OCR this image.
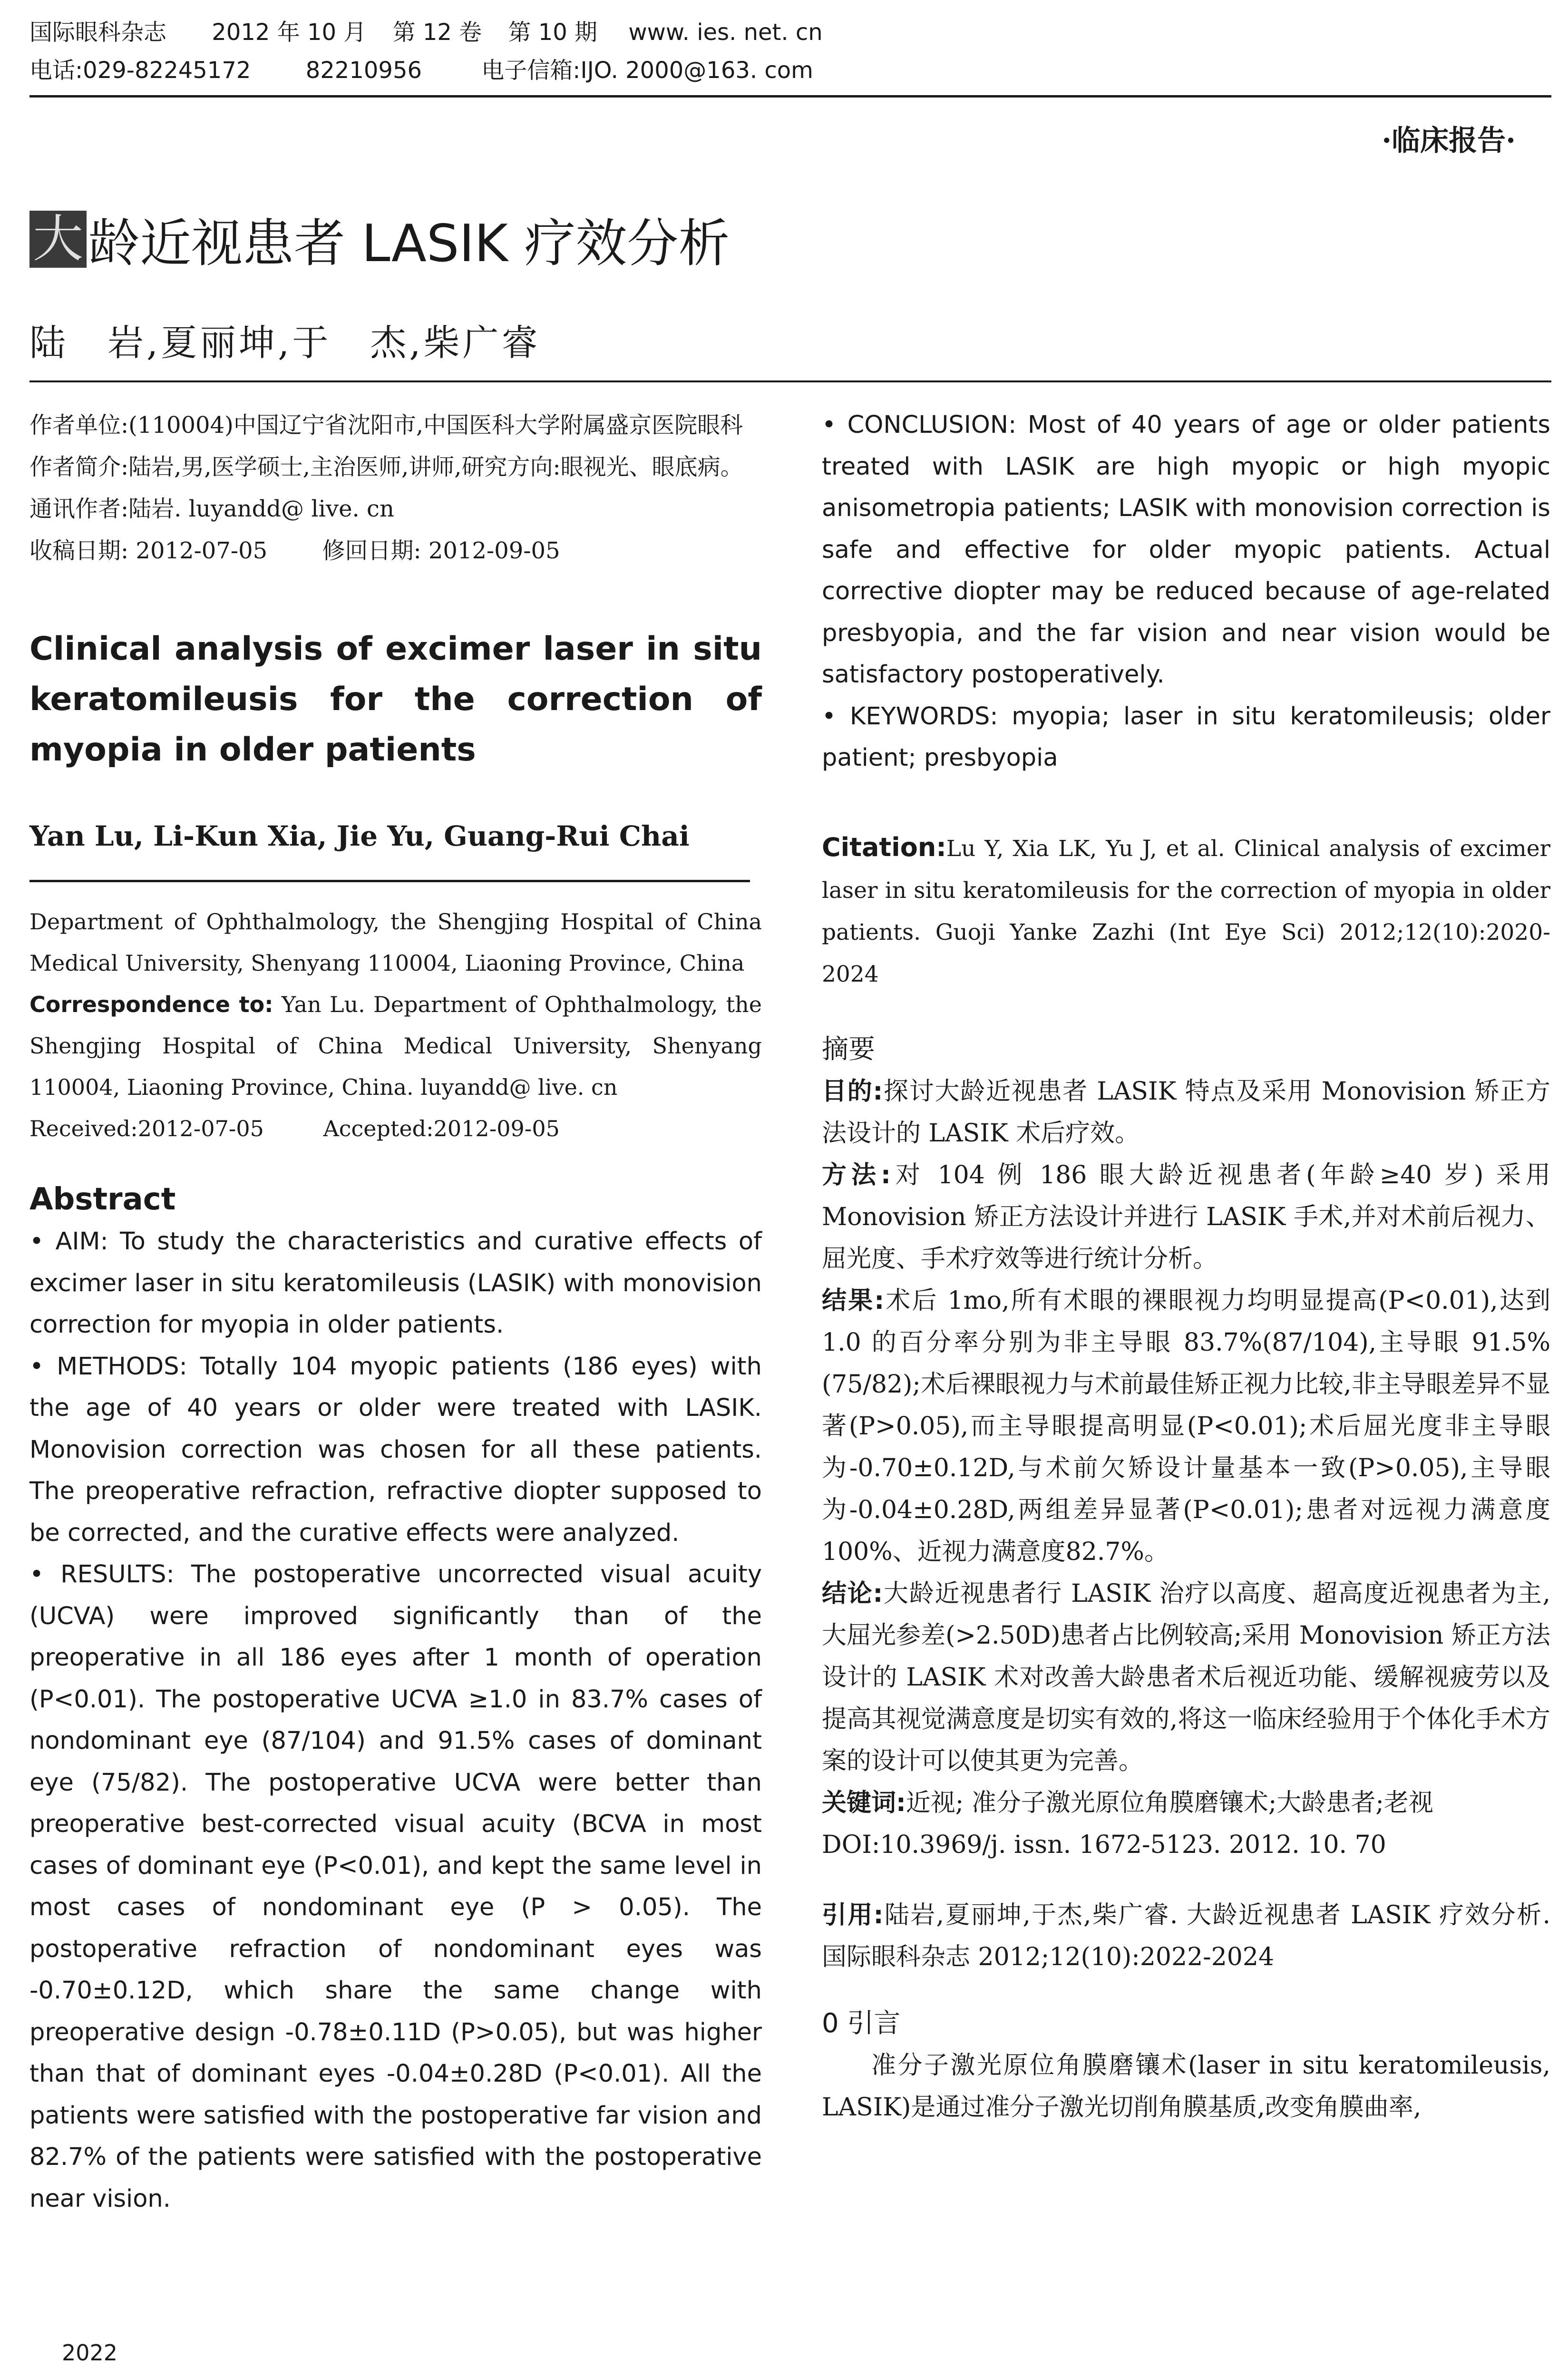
国际眼科杂志 2012 年 10 月 第 12 卷 第 10 期 www. ies. net. cn
电话:029-82245172 82210956	电子信箱:IJO. 2000@163. com
·临床报告·
大 龄近视患者 LASIK 疗效分析
陆　岩,夏丽坤,于　杰,柴广睿

作者单位:(110004)中国辽宁省沈阳市,中国医科大学附属盛京医院眼科

作者简介:陆岩,男,医学硕士,主治医师,讲师,研究方向:眼视光、眼底病。

通讯作者:陆岩. luyandd@ live. cn

收稿日期: 2012-07-05 修回日期: 2012-09-05

Clinical analysis of excimer laser in situ keratomileusis for the correction of myopia in older patients
Yan Lu, Li-Kun Xia, Jie Yu, Guang-Rui Chai

Department of Ophthalmology, the Shengjing Hospital of China Medical University, Shenyang 110004, Liaoning Province, China

Correspondence to: Yan Lu. Department of Ophthalmology, the Shengjing Hospital of China Medical University, Shenyang 110004, Liaoning Province, China. luyandd@ live. cn

Received:2012-07-05	Accepted:2012-09-05

Abstract

• AIM: To study the characteristics and curative effects of excimer laser in situ keratomileusis (LASIK) with monovision correction for myopia in older patients.

• METHODS: Totally 104 myopic patients (186 eyes) with the age of 40 years or older were treated with LASIK. Monovision correction was chosen for all these patients. The preoperative refraction, refractive diopter supposed to be corrected, and the curative effects were analyzed.

• RESULTS: The postoperative uncorrected visual acuity (UCVA) were improved significantly than of the preoperative in all 186 eyes after 1 month of operation (P<0.01). The postoperative UCVA ≥1.0 in 83.7% cases of nondominant eye (87/104) and 91.5% cases of dominant eye (75/82). The postoperative UCVA were better than preoperative best-corrected visual acuity (BCVA in most cases of dominant eye (P<0.01), and kept the same level in most cases of nondominant eye (P > 0.05). The postoperative refraction of nondominant eyes was -0.70±0.12D, which share the same change with preoperative design -0.78±0.11D (P>0.05), but was higher than that of dominant eyes -0.04±0.28D (P<0.01). All the patients were satisfied with the postoperative far vision and 82.7% of the patients were satisfied with the postoperative near vision.

• CONCLUSION: Most of 40 years of age or older patients treated with LASIK are high myopic or high myopic anisometropia patients; LASIK with monovision correction is safe and effective for older myopic patients. Actual corrective diopter may be reduced because of age-related presbyopia, and the far vision and near vision would be satisfactory postoperatively.

• KEYWORDS: myopia; laser in situ keratomileusis; older patient; presbyopia

Citation:Lu Y, Xia LK, Yu J, et al. Clinical analysis of excimer laser in situ keratomileusis for the correction of myopia in older patients. Guoji Yanke Zazhi (Int Eye Sci) 2012;12(10):2020-2024
摘要

目的:探讨大龄近视患者 LASIK 特点及采用 Monovision 矫正方法设计的 LASIK 术后疗效。

方法:对 104 例 186 眼大龄近视患者(年龄≥40 岁) 采用 Monovision 矫正方法设计并进行 LASIK 手术,并对术前后视力、屈光度、手术疗效等进行统计分析。

结果:术后 1mo,所有术眼的裸眼视力均明显提高(P<0.01),达到 1.0 的百分率分别为非主导眼 83.7%(87/104),主导眼 91.5%(75/82);术后裸眼视力与术前最佳矫正视力比较,非主导眼差异不显著(P>0.05),而主导眼提高明显(P<0.01);术后屈光度非主导眼为-0.70±0.12D,与术前欠矫设计量基本一致(P>0.05),主导眼为-0.04±0.28D,两组差异显著(P<0.01);患者对远视力满意度100%、近视力满意度82.7%。

结论:大龄近视患者行 LASIK 治疗以高度、超高度近视患者为主,大屈光参差(>2.50D)患者占比例较高;采用 Monovision 矫正方法设计的 LASIK 术对改善大龄患者术后视近功能、缓解视疲劳以及提高其视觉满意度是切实有效的,将这一临床经验用于个体化手术方案的设计可以使其更为完善。

关键词:近视; 准分子激光原位角膜磨镶术;大龄患者;老视

DOI:10.3969/j. issn. 1672-5123. 2012. 10. 70

引用:陆岩,夏丽坤,于杰,柴广睿. 大龄近视患者 LASIK 疗效分析. 国际眼科杂志 2012;12(10):2022-2024

0 引言

准分子激光原位角膜磨镶术(laser in situ keratomileusis, LASIK)是通过准分子激光切削角膜基质,改变角膜曲率,

2022
